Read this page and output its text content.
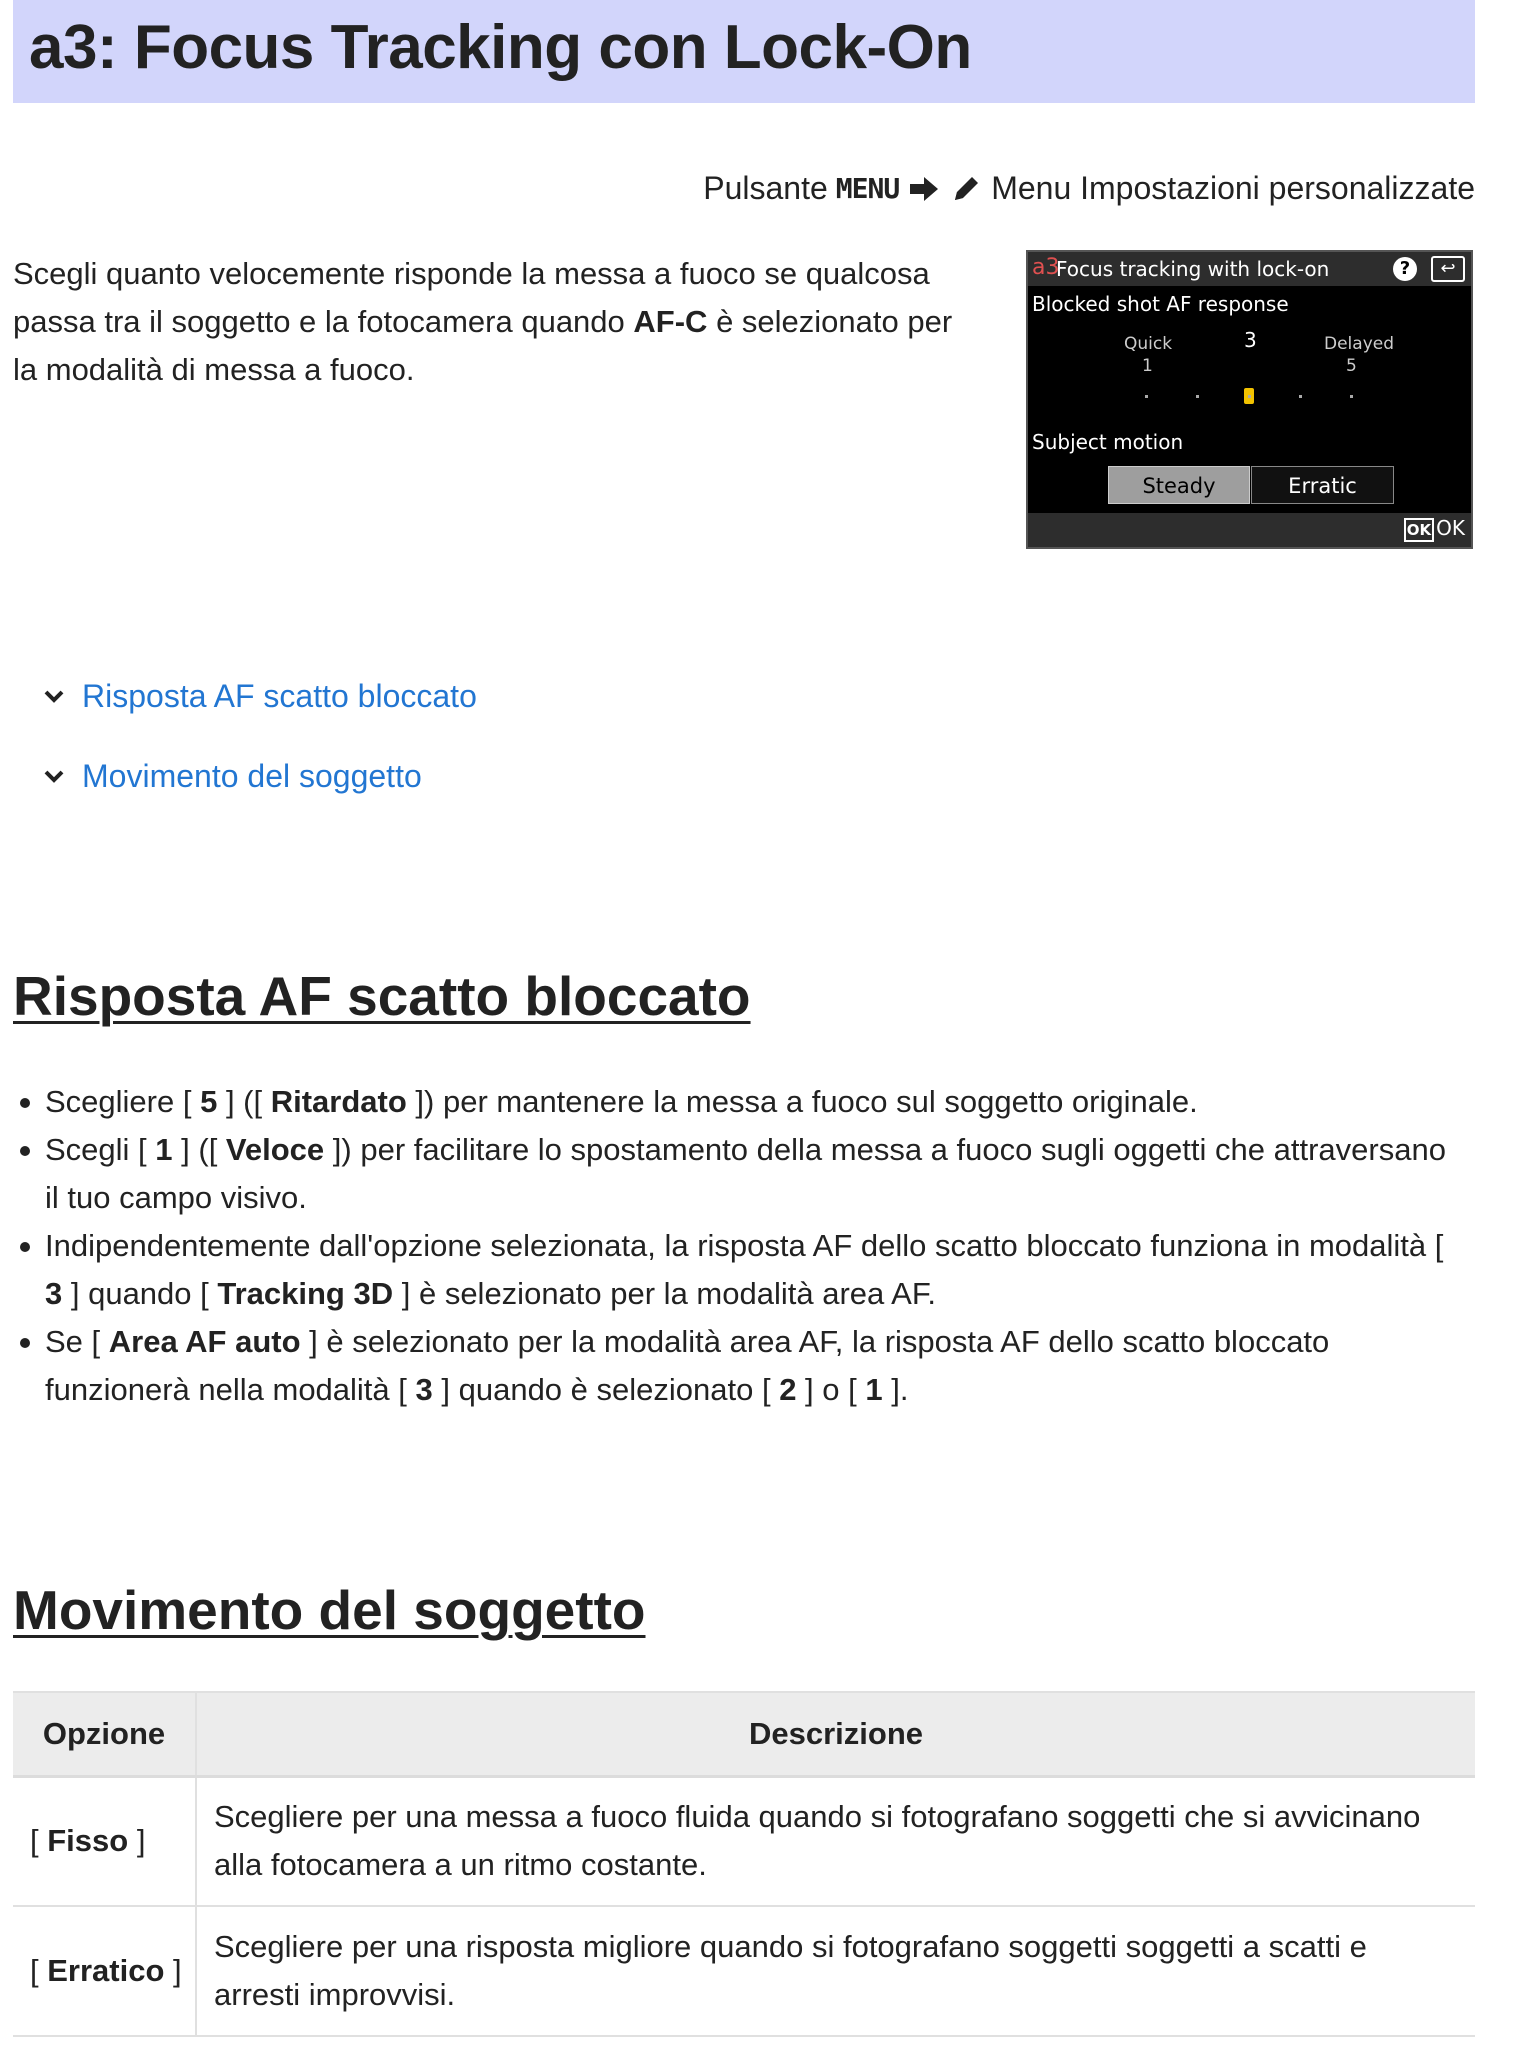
a3: Focus Tracking con Lock-On
Pulsante MENU	Menu Impostazioni personalizzate

Scegli quanto velocemente risponde la messa a fuoco se qualcosa passa tra il soggetto e la fotocamera quando AF-C è selezionato per la modalità di messa a fuoco.

a3
Focus tracking with lock-on	?	↩
Blocked shot AF response
Quick	3	Delayed
1	5
Subject motion
Steady	Erratic
OK OK
Risposta AF scatto bloccato
Movimento del soggetto
Risposta AF scatto bloccato
Scegliere [ 5 ] ([ Ritardato ]) per mantenere la messa a fuoco sul soggetto originale.
Scegli [ 1 ] ([ Veloce ]) per facilitare lo spostamento della messa a fuoco sugli oggetti che attraversano il tuo campo visivo.
Indipendentemente dall'opzione selezionata, la risposta AF dello scatto bloccato funziona in modalità [ 3 ] quando [ Tracking 3D ] è selezionato per la modalità area AF.
Se [ Area AF auto ] è selezionato per la modalità area AF, la risposta AF dello scatto bloccato funzionerà nella modalità [ 3 ] quando è selezionato [ 2 ] o [ 1 ].
Movimento del soggetto
Opzione	Descrizione
[ Fisso ]	Scegliere per una messa a fuoco fluida quando si fotografano soggetti che si avvicinano alla fotocamera a un ritmo costante.
[ Erratico ]	Scegliere per una risposta migliore quando si fotografano soggetti soggetti a scatti e arresti improvvisi.
